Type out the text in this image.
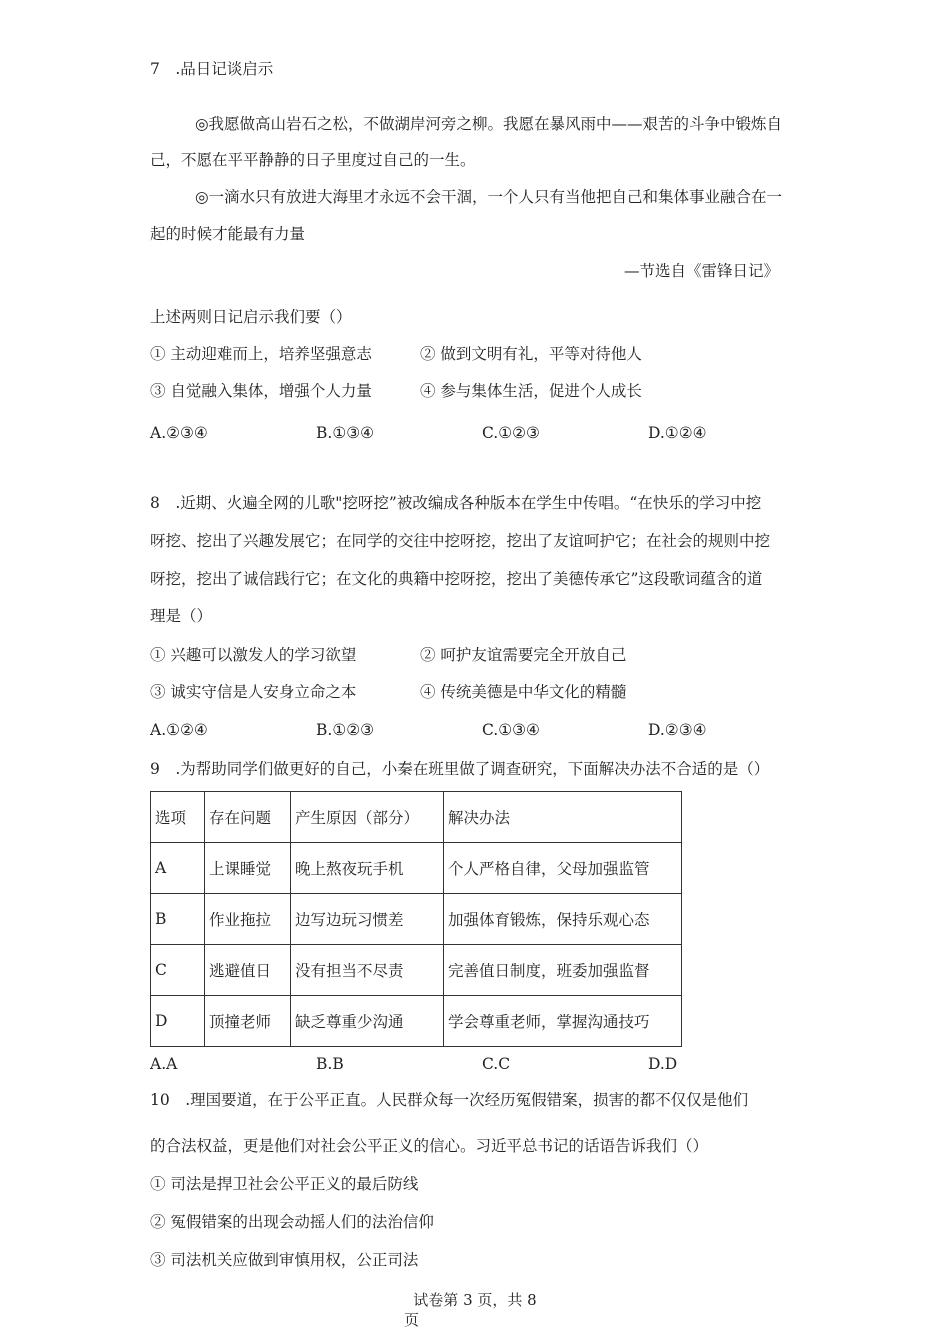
7　.品日记谈启示
◎我愿做高山岩石之松，不做湖岸河旁之柳。我愿在暴风雨中——艰苦的斗争中锻炼自
己，不愿在平平静静的日子里度过自己的一生。
◎一滴水只有放进大海里才永远不会干涸，一个人只有当他把自己和集体事业融合在一
起的时候才能最有力量
—节选自《雷锋日记》
上述两则日记启示我们要（）
① 主动迎难而上，培养坚强意志	② 做到文明有礼，平等对待他人
③ 自觉融入集体，增强个人力量	④ 参与集体生活，促进个人成长
A.②③④	B.①③④	C.①②③	D.①②④
8　.近期、火遍全网的儿歌"挖呀挖”被改编成各种版本在学生中传唱。“在快乐的学习中挖
呀挖、挖出了兴趣发展它；在同学的交往中挖呀挖，挖出了友谊呵护它；在社会的规则中挖
呀挖，挖出了诚信践行它；在文化的典籍中挖呀挖，挖出了美德传承它”这段歌词蕴含的道
理是（）
① 兴趣可以激发人的学习欲望	② 呵护友谊需要完全开放自己
③ 诚实守信是人安身立命之本	④ 传统美德是中华文化的精髓
A.①②④	B.①②③	C.①③④	D.②③④
9　.为帮助同学们做更好的自己，小秦在班里做了调查研究，下面解决办法不合适的是（）
选项	存在问题	产生原因（部分）	解决办法
A	上课睡觉	晚上熬夜玩手机	个人严格自律，父母加强监管
B	作业拖拉	边写边玩习惯差	加强体育锻炼，保持乐观心态
C	逃避值日	没有担当不尽责	完善值日制度，班委加强监督
D	顶撞老师	缺乏尊重少沟通	学会尊重老师，掌握沟通技巧
A.A	B.B	C.C	D.D
10　.理国要道，在于公平正直。人民群众每一次经历冤假错案，损害的都不仅仅是他们
的合法权益，更是他们对社会公平正义的信心。习近平总书记的话语告诉我们（）
① 司法是捍卫社会公平正义的最后防线
② 冤假错案的出现会动摇人们的法治信仰
③ 司法机关应做到审慎用权，公正司法
试卷第 3 页，共 8
页
